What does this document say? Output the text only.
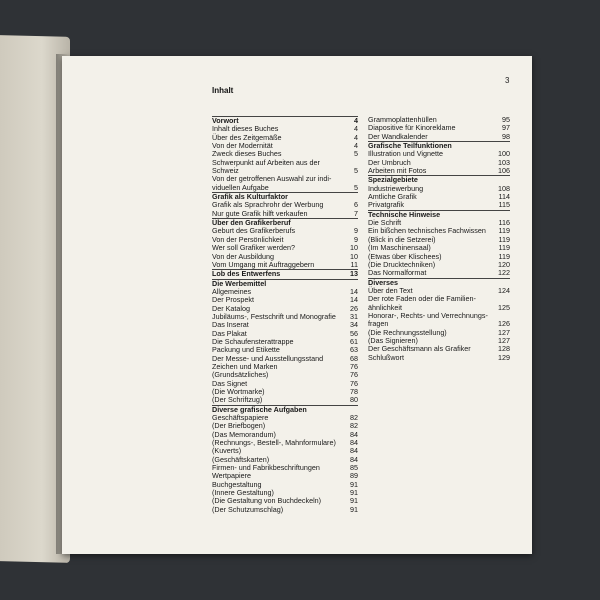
3
Inhalt
Vorwort	4
Inhalt dieses Buches	4
Über des Zeitgemäße	4
Von der Modernität	4
Zweck dieses Buches	5
Schwerpunkt auf Arbeiten aus der
Schweiz	5
Von der getroffenen Auswahl zur indi-
viduellen Aufgabe	5
Grafik als Kulturfaktor
Grafik als Sprachrohr der Werbung	6
Nur gute Grafik hilft verkaufen	7
Über den Grafikerberuf
Geburt des Grafikerberufs	9
Von der Persönlichkeit	9
Wer soll Grafiker werden?	10
Von der Ausbildung	10
Vom Umgang mit Auftraggebern	11
Lob des Entwerfens	13
Die Werbemittel
Allgemeines	14
Der Prospekt	14
Der Katalog	26
Jubiläums-, Festschrift und Monografie	31
Das Inserat	34
Das Plakat	56
Die Schaufensterattrappe	61
Packung und Etikette	63
Der Messe- und Ausstellungsstand	68
Zeichen und Marken	76
(Grundsätzliches)	76
Das Signet	76
(Die Wortmarke)	78
(Der Schriftzug)	80
Diverse grafische Aufgaben
Geschäftspapiere	82
(Der Briefbogen)	82
(Das Memorandum)	84
(Rechnungs-, Bestell-, Mahnformulare)	84
(Kuverts)	84
(Geschäftskarten)	84
Firmen- und Fabrikbeschriftungen	85
Wertpapiere	89
Buchgestaltung	91
(Innere Gestaltung)	91
(Die Gestaltung von Buchdeckeln)	91
(Der Schutzumschlag)	91
Grammoplattenhüllen	95
Diapositive für Kinoreklame	97
Der Wandkalender	98
Grafische Teilfunktionen
Illustration und Vignette	100
Der Umbruch	103
Arbeiten mit Fotos	106
Spezialgebiete
Industriewerbung	108
Amtliche Grafik	114
Privatgrafik	115
Technische Hinweise
Die Schrift	116
Ein bißchen technisches Fachwissen	119
(Blick in die Setzerei)	119
(Im Maschinensaal)	119
(Etwas über Klischees)	119
(Die Drucktechniken)	120
Das Normalformat	122
Diverses
Über den Text	124
Der rote Faden oder die Familien-
ähnlichkeit	125
Honorar-, Rechts- und Verrechnungs-
fragen	126
(Die Rechnungsstellung)	127
(Das Signieren)	127
Der Geschäftsmann als Grafiker	128
Schlußwort	129
